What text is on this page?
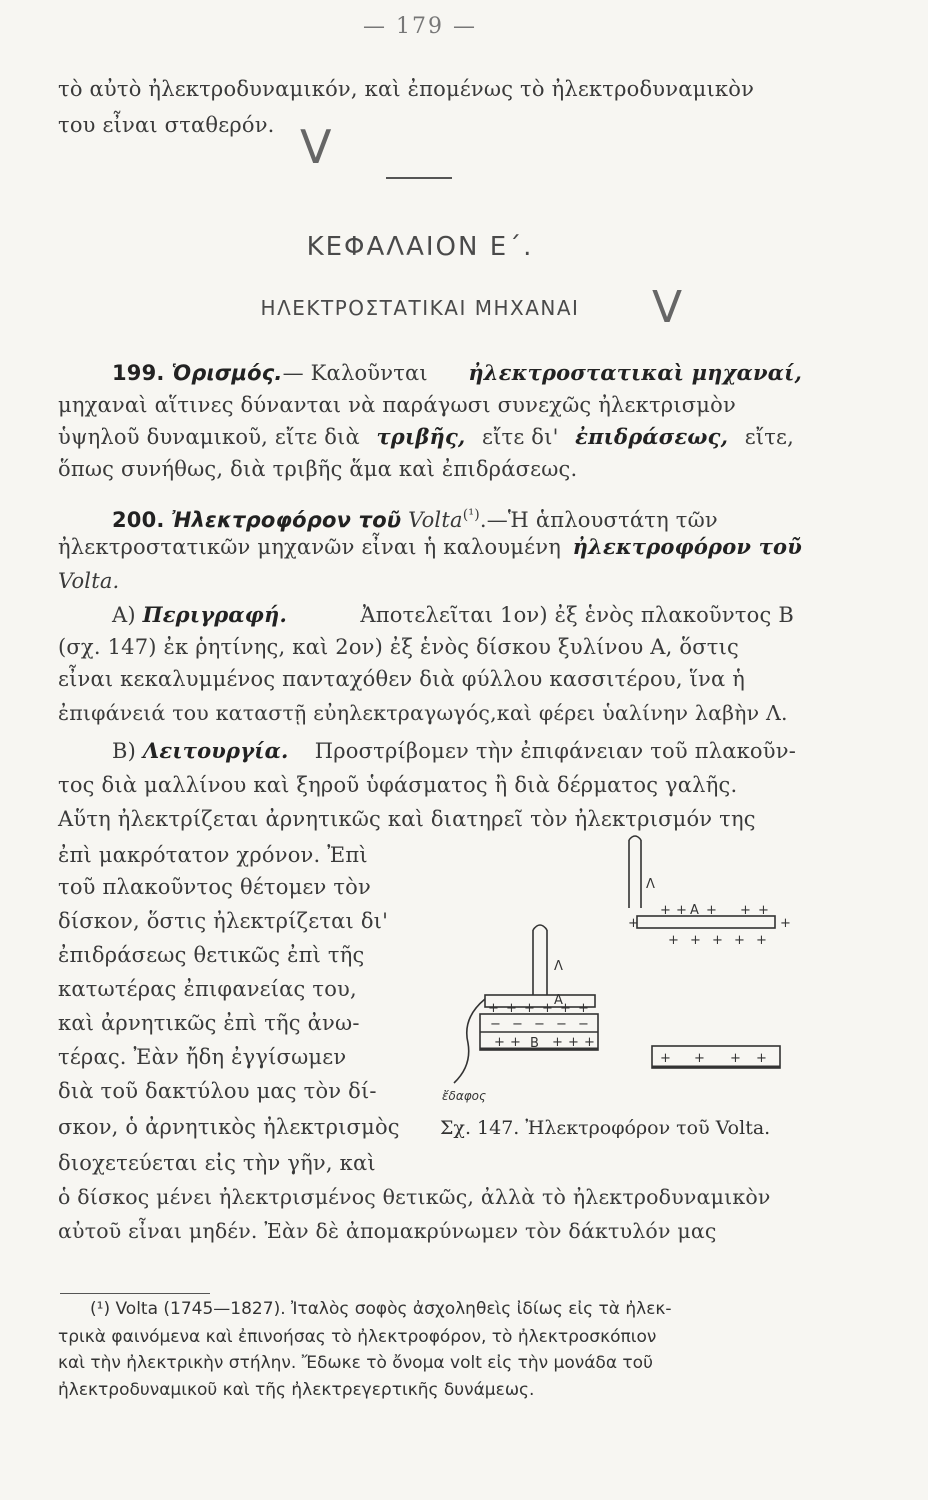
— 179 —
τὸ αὐτὸ ἠλεκτροδυναμικόν, καὶ ἐπομένως τὸ ἠλεκτροδυναμικὸν
του εἶναι σταθερόν. V
ΚΕΦΑΛΑΙΟΝ Ε΄.
ΗΛΕΚΤΡΟΣΤΑΤΙΚΑΙ ΜΗΧΑΝΑΙ	V
199. Ὁρισμός.— Καλοῦνται ἠλεκτροστατικαὶ μηχαναί,
μηχαναὶ αἵτινες δύνανται νὰ παράγωσι συνεχῶς ἠλεκτρισμὸν
ὑψηλοῦ δυναμικοῦ, εἴτε διὰ τριβῆς, εἴτε δι' ἐπιδράσεως, εἴτε,
ὅπως συνήθως, διὰ τριβῆς ἅμα καὶ ἐπιδράσεως.
200. Ἠλεκτροφόρον τοῦ Volta$^{(^1)}$.—Ἡ ἁπλουστάτη τῶν
ἠλεκτροστατικῶν μηχανῶν εἶναι ἡ καλουμένη ἠλεκτροφόρον τοῦ
Volta.
Α) Περιγραφή.	Ἀποτελεῖται 1ον) ἐξ ἑνὸς πλακοῦντος Β
(σχ. 147) ἐκ ῥητίνης, καὶ 2ον) ἐξ ἑνὸς δίσκου ξυλίνου Α, ὅστις
εἶναι κεκαλυμμένος πανταχόθεν διὰ φύλλου κασσιτέρου, ἵνα ἡ
ἐπιφάνειά του καταστῇ εὐηλεκτραγωγός,καὶ φέρει ὑαλίνην λαβὴν Λ.
Β) Λειτουργία. Προστρίβομεν τὴν ἐπιφάνειαν τοῦ πλακοῦν-
τος διὰ μαλλίνου καὶ ξηροῦ ὑφάσματος ἢ διὰ δέρματος γαλῆς.
Αὕτη ἠλεκτρίζεται ἀρνητικῶς καὶ διατηρεῖ τὸν ἠλεκτρισμόν της
ἐπὶ μακρότατον χρόνον. Ἐπὶ
τοῦ πλακοῦντος θέτομεν τὸν
δίσκον, ὅστις ἠλεκτρίζεται δι'
ἐπιδράσεως θετικῶς ἐπὶ τῆς
κατωτέρας ἐπιφανείας του,
καὶ ἀρνητικῶς ἐπὶ τῆς ἀνω-
τέρας. Ἐὰν ἤδη ἐγγίσωμεν
διὰ τοῦ δακτύλου μας τὸν δί-
σκον, ὁ ἀρνητικὸς ἠλεκτρισμὸς
διοχετεύεται εἰς τὴν γῆν, καὶ
ὁ δίσκος μένει ἠλεκτρισμένος θετικῶς, ἀλλὰ τὸ ἠλεκτροδυναμικὸν
αὐτοῦ εἶναι μηδέν. Ἐὰν δὲ ἀπομακρύνωμεν τὸν δάκτυλόν μας
Λ
Α
Β
Λ
Α
ἔδαφος
+ + + + + +
− − − − −
+ + + + +
+ + + + +
+	+
+ + + + +
+ + + +
Σχ. 147. Ἠλεκτροφόρον τοῦ Volta.
(¹) Volta (1745—1827). Ἰταλὸς σοφὸς ἀσχοληθεὶς ἰδίως εἰς τὰ ἠλεκ-
τρικὰ φαινόμενα καὶ ἐπινοήσας τὸ ἠλεκτροφόρον, τὸ ἠλεκτροσκόπιον
καὶ τὴν ἠλεκτρικὴν στήλην. Ἔδωκε τὸ ὄνομα volt εἰς τὴν μονάδα τοῦ
ἠλεκτροδυναμικοῦ καὶ τῆς ἠλεκτρεγερτικῆς δυνάμεως.
